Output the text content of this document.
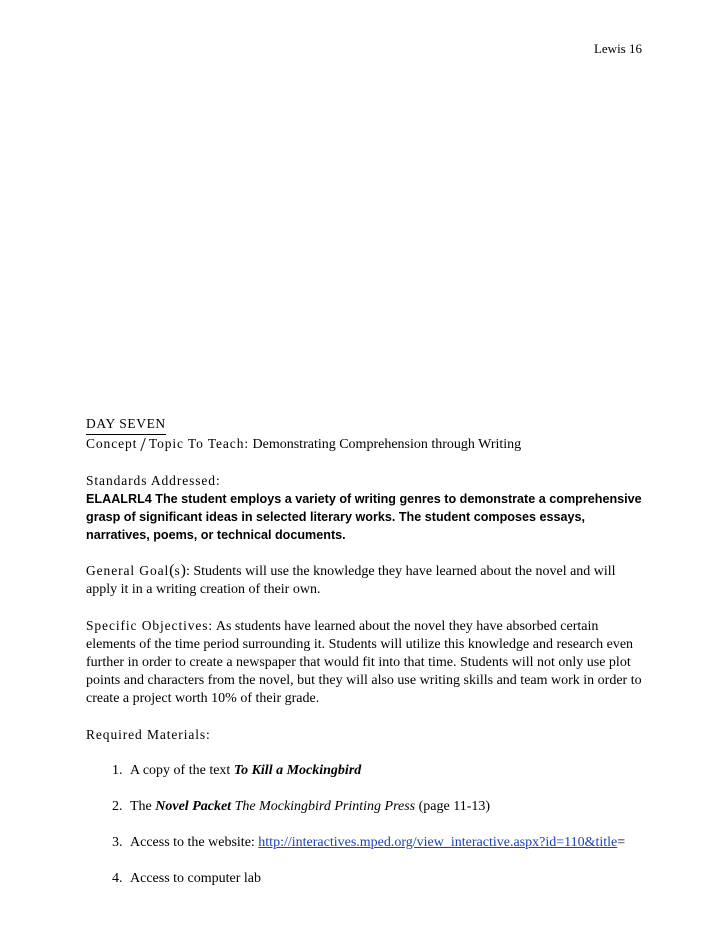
Lewis 16
DAY SEVEN
Concept / Topic To Teach: Demonstrating Comprehension through Writing
Standards Addressed:
ELAALRL4 The student employs a variety of writing genres to demonstrate a comprehensive grasp of significant ideas in selected literary works. The student composes essays, narratives, poems, or technical documents.
General Goal(s): Students will use the knowledge they have learned about the novel and will apply it in a writing creation of their own.
Specific Objectives: As students have learned about the novel they have absorbed certain elements of the time period surrounding it. Students will utilize this knowledge and research even further in order to create a newspaper that would fit into that time. Students will not only use plot points and characters from the novel, but they will also use writing skills and team work in order to create a project worth 10% of their grade.
Required Materials:
1. A copy of the text To Kill a Mockingbird
2. The Novel Packet The Mockingbird Printing Press (page 11-13)
3. Access to the website: http://interactives.mped.org/view_interactive.aspx?id=110&title=
4. Access to computer lab
